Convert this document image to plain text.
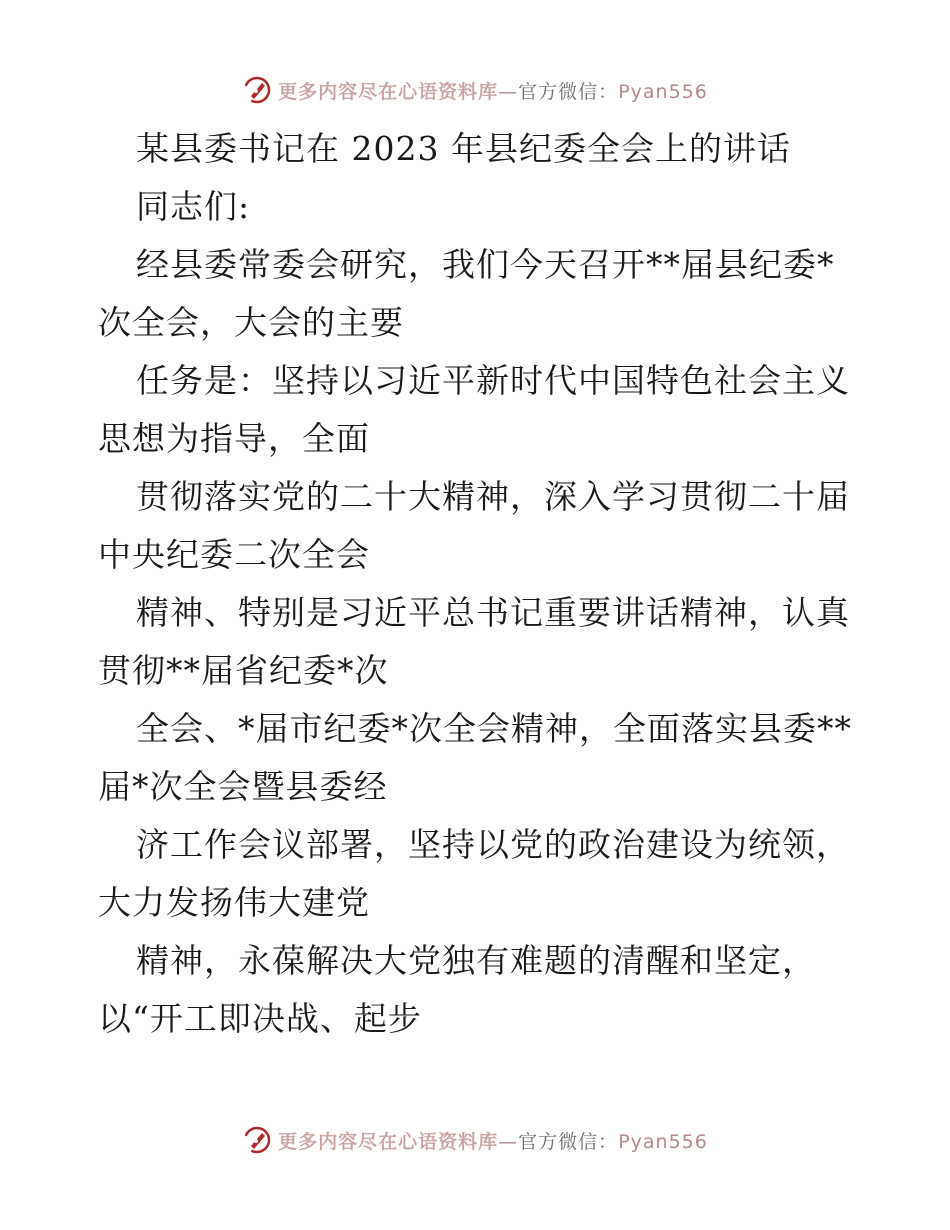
更多内容尽在心语资料库—官方微信：Pyan556
某县委书记在 2023 年县纪委全会上的讲话
同志们:
经县委常委会研究，我们今天召开**届县纪委*
次全会，大会的主要
任务是：坚持以习近平新时代中国特色社会主义
思想为指导，全面
贯彻落实党的二十大精神，深入学习贯彻二十届
中央纪委二次全会
精神、特别是习近平总书记重要讲话精神，认真
贯彻**届省纪委*次
全会、*届市纪委*次全会精神，全面落实县委**
届*次全会暨县委经
济工作会议部署，坚持以党的政治建设为统领，
大力发扬伟大建党
精神，永葆解决大党独有难题的清醒和坚定，
以“开工即决战、起步
更多内容尽在心语资料库—官方微信：Pyan556
